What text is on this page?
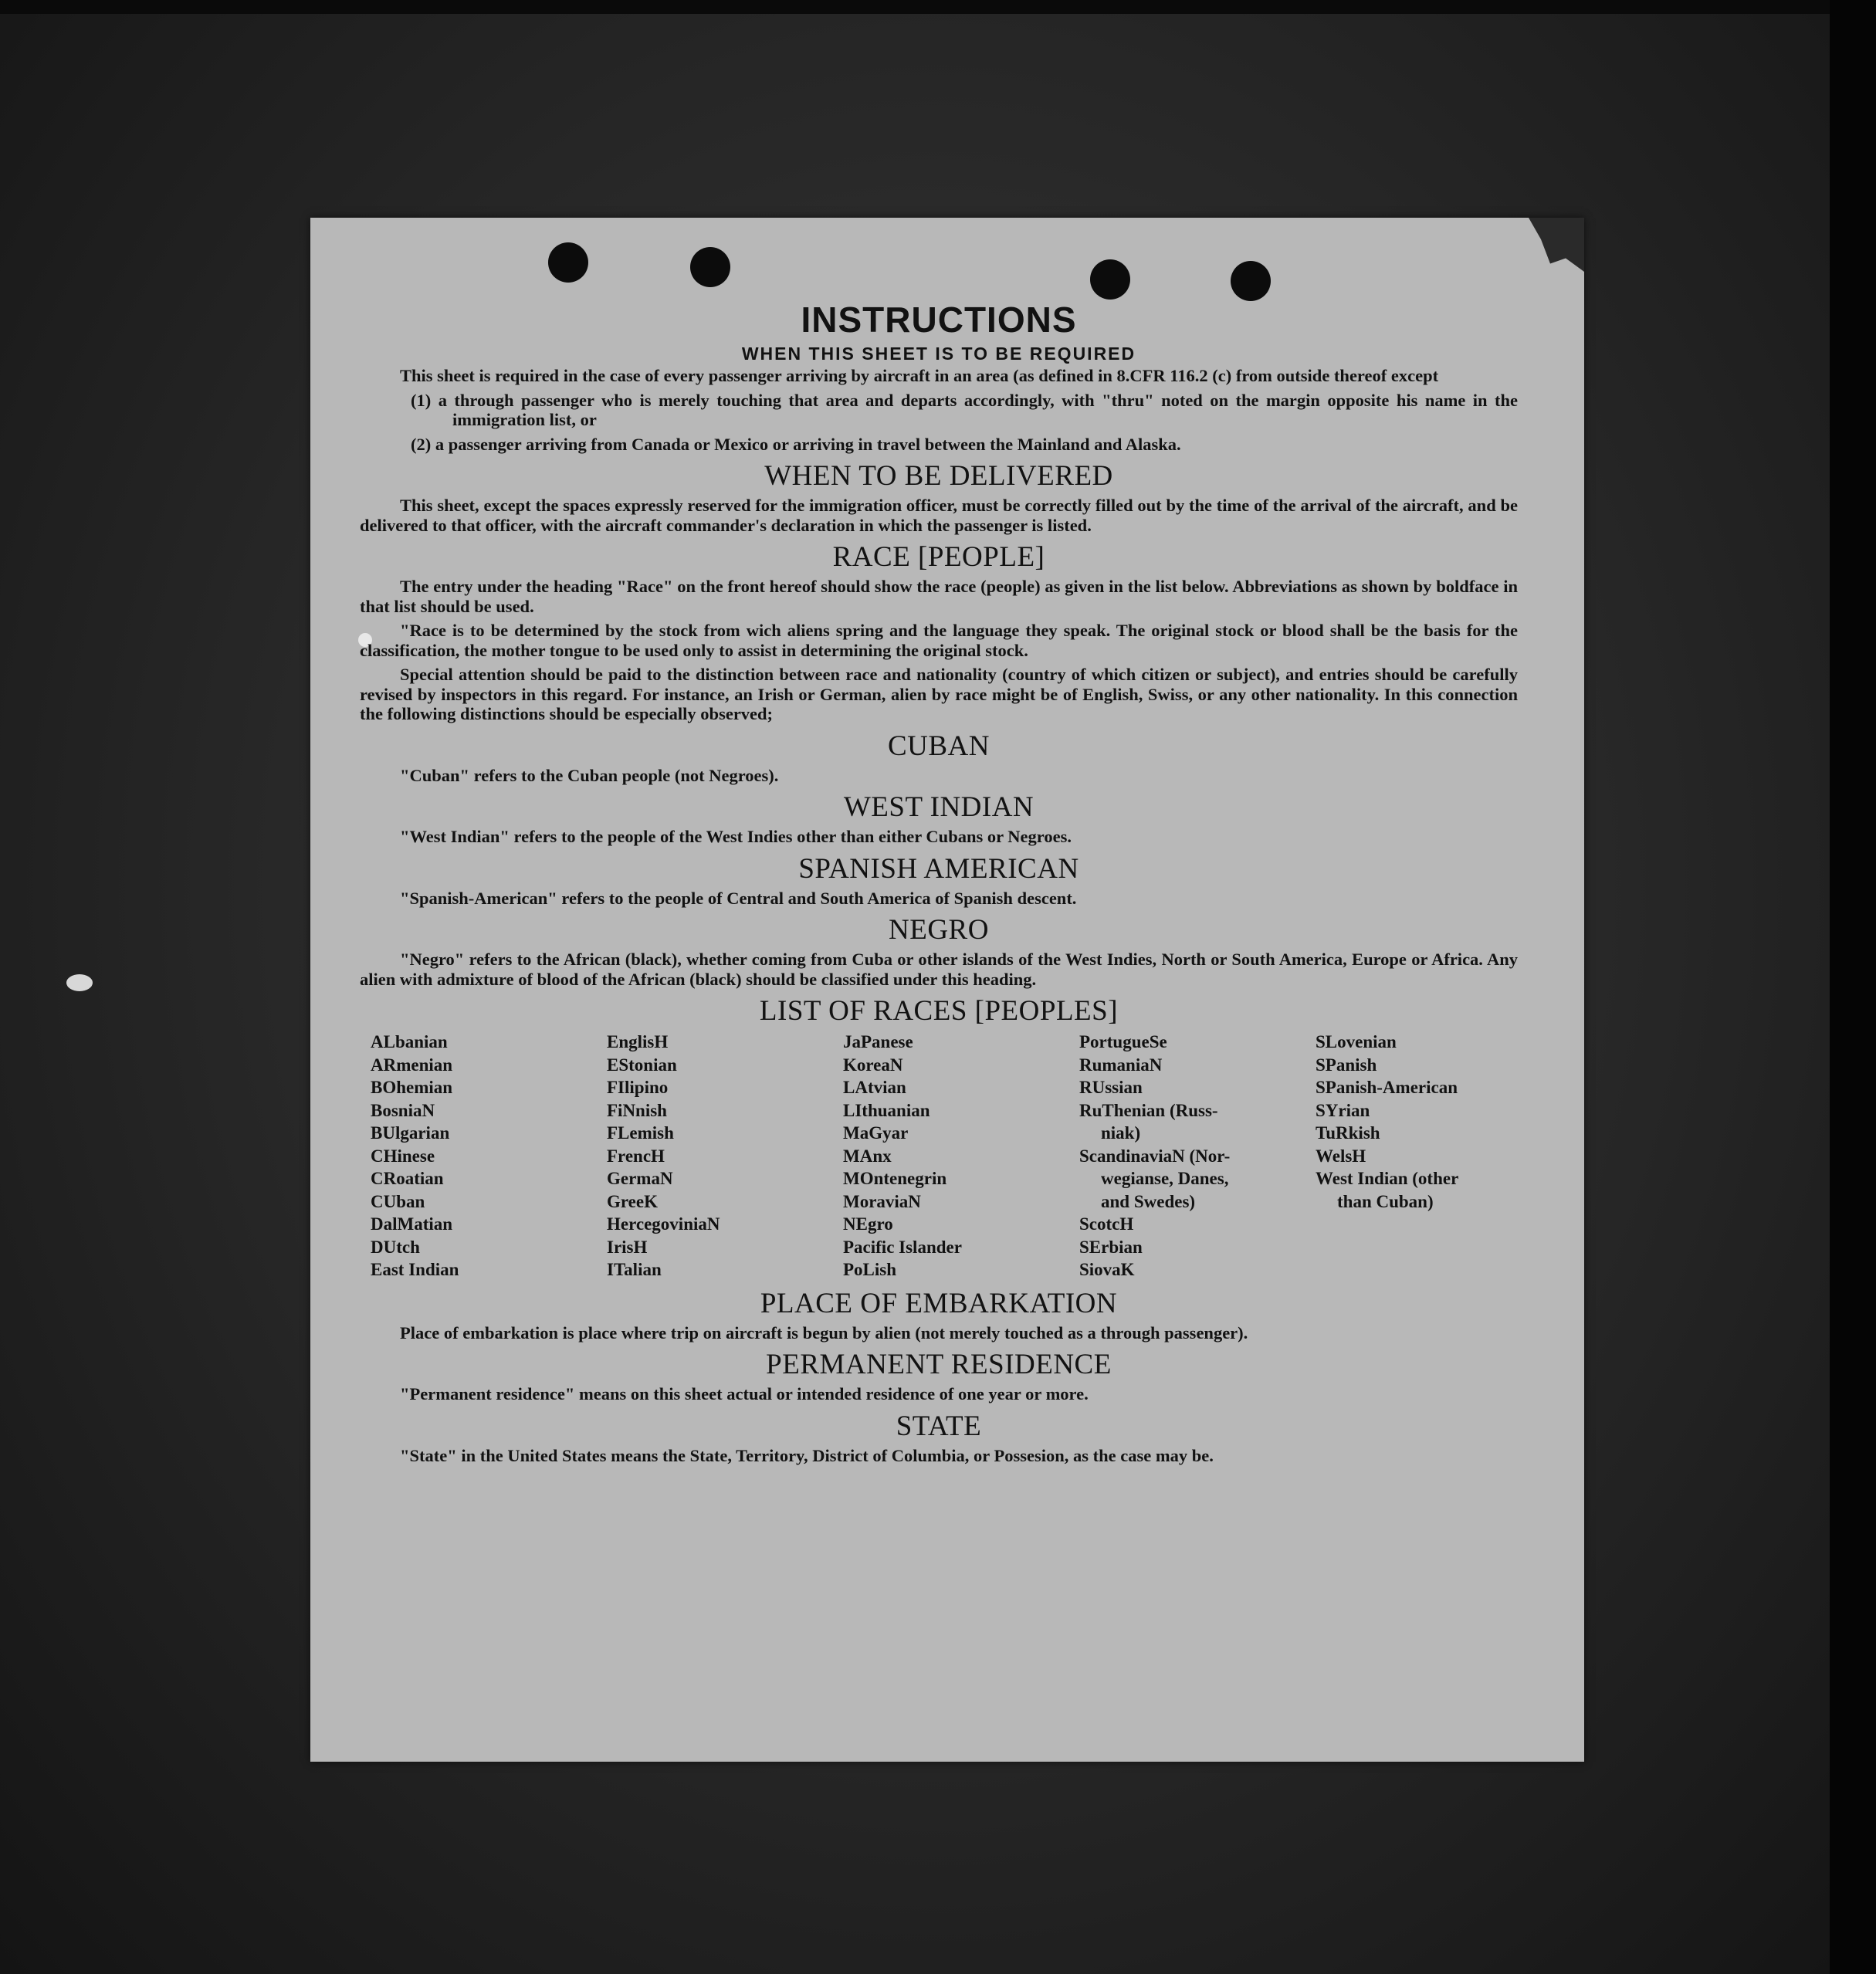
INSTRUCTIONS
WHEN THIS SHEET IS TO BE REQUIRED

This sheet is required in the case of every passenger arriving by aircraft in an area (as defined in 8.CFR 116.2 (c) from outside thereof except

(1) a through passenger who is merely touching that area and departs accordingly, with "thru" noted on the margin opposite his name in the immigration list, or

(2) a passenger arriving from Canada or Mexico or arriving in travel between the Mainland and Alaska.

WHEN TO BE DELIVERED

This sheet, except the spaces expressly reserved for the immigration officer, must be correctly filled out by the time of the arrival of the aircraft, and be delivered to that officer, with the aircraft commander's declaration in which the passenger is listed.

RACE [PEOPLE]

The entry under the heading "Race" on the front hereof should show the race (people) as given in the list below. Abbreviations as shown by boldface in that list should be used.

"Race is to be determined by the stock from wich aliens spring and the language they speak. The original stock or blood shall be the basis for the classification, the mother tongue to be used only to assist in determining the original stock.

Special attention should be paid to the distinction between race and nationality (country of which citizen or subject), and entries should be carefully revised by inspectors in this regard. For instance, an Irish or German, alien by race might be of English, Swiss, or any other nationality. In this connection the following distinctions should be especially observed;

CUBAN

"Cuban" refers to the Cuban people (not Negroes).

WEST INDIAN

"West Indian" refers to the people of the West Indies other than either Cubans or Negroes.

SPANISH AMERICAN

"Spanish-American" refers to the people of Central and South America of Spanish descent.

NEGRO

"Negro" refers to the African (black), whether coming from Cuba or other islands of the West Indies, North or South America, Europe or Africa. Any alien with admixture of blood of the African (black) should be classified under this heading.

LIST OF RACES [PEOPLES]
ALbanian
ARmenian
BOhemian
BosniaN
BUlgarian
CHinese
CRoatian
CUban
DalMatian
DUtch
East Indian
EnglisH
EStonian
FIlipino
FiNnish
FLemish
FrencH
GermaN
GreeK
HercegoviniaN
IrisH
ITalian
JaPanese
KoreaN
LAtvian
LIthuanian
MaGyar
MAnx
MOntenegrin
MoraviaN
NEgro
Pacific Islander
PoLish
PortugueSe
RumaniaN
RUssian
RuThenian (Russ-
niak)
ScandinaviaN (Nor-
wegianse, Danes,
and Swedes)
ScotcH
SErbian
SiovaK
SLovenian
SPanish
SPanish-American
SYrian
TuRkish
WelsH
West Indian (other
than Cuban)
PLACE OF EMBARKATION

Place of embarkation is place where trip on aircraft is begun by alien (not merely touched as a through passenger).

PERMANENT RESIDENCE

"Permanent residence" means on this sheet actual or intended residence of one year or more.

STATE

"State" in the United States means the State, Territory, District of Columbia, or Possesion, as the case may be.
